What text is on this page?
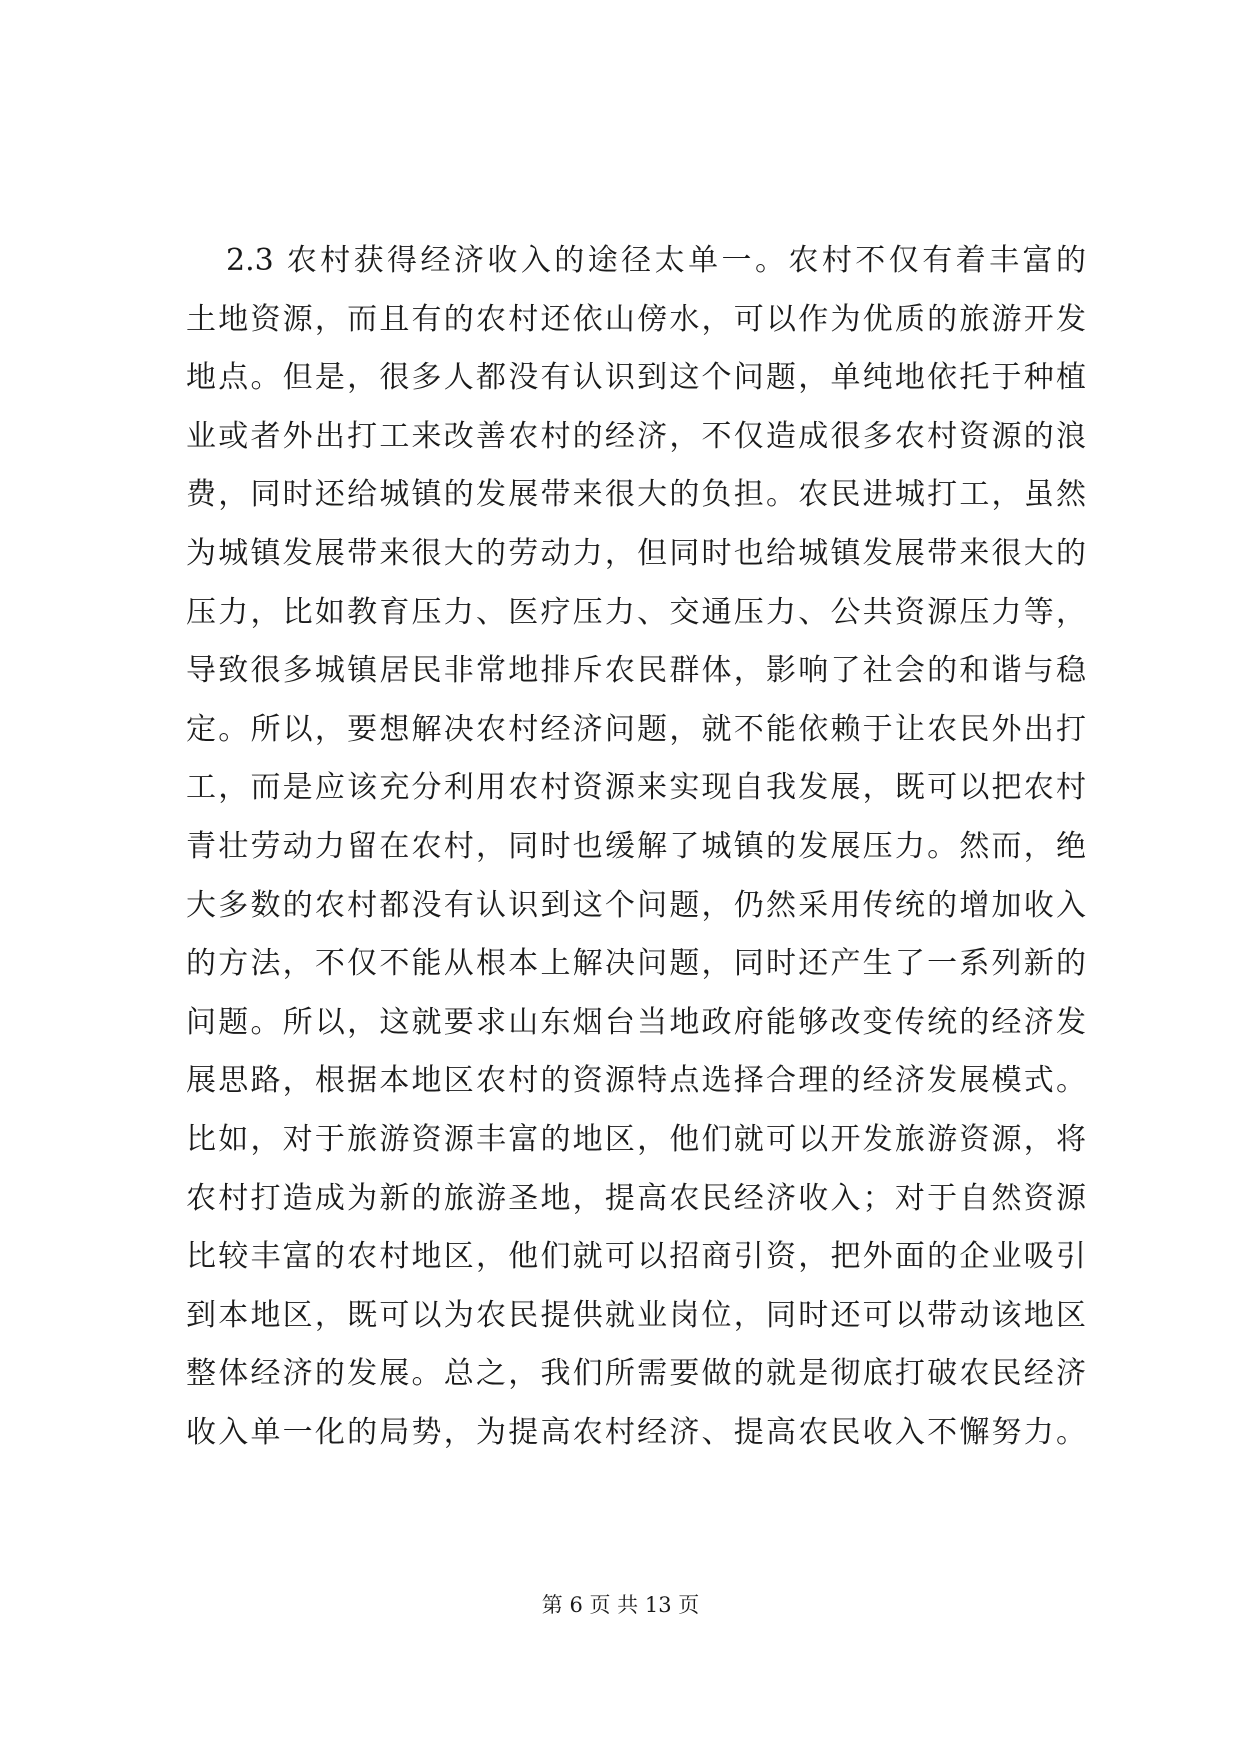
2.3 农村获得经济收入的途径太单一。农村不仅有着丰富的
土地资源，而且有的农村还依山傍水，可以作为优质的旅游开发
地点。但是，很多人都没有认识到这个问题，单纯地依托于种植
业或者外出打工来改善农村的经济，不仅造成很多农村资源的浪
费，同时还给城镇的发展带来很大的负担。农民进城打工，虽然
为城镇发展带来很大的劳动力，但同时也给城镇发展带来很大的
压力，比如教育压力、医疗压力、交通压力、公共资源压力等，
导致很多城镇居民非常地排斥农民群体，影响了社会的和谐与稳
定。所以，要想解决农村经济问题，就不能依赖于让农民外出打
工，而是应该充分利用农村资源来实现自我发展，既可以把农村
青壮劳动力留在农村，同时也缓解了城镇的发展压力。然而，绝
大多数的农村都没有认识到这个问题，仍然采用传统的增加收入
的方法，不仅不能从根本上解决问题，同时还产生了一系列新的
问题。所以，这就要求山东烟台当地政府能够改变传统的经济发
展思路，根据本地区农村的资源特点选择合理的经济发展模式。
比如，对于旅游资源丰富的地区，他们就可以开发旅游资源，将
农村打造成为新的旅游圣地，提高农民经济收入；对于自然资源
比较丰富的农村地区，他们就可以招商引资，把外面的企业吸引
到本地区，既可以为农民提供就业岗位，同时还可以带动该地区
整体经济的发展。总之，我们所需要做的就是彻底打破农民经济
收入单一化的局势，为提高农村经济、提高农民收入不懈努力。
第 6 页 共 13 页
